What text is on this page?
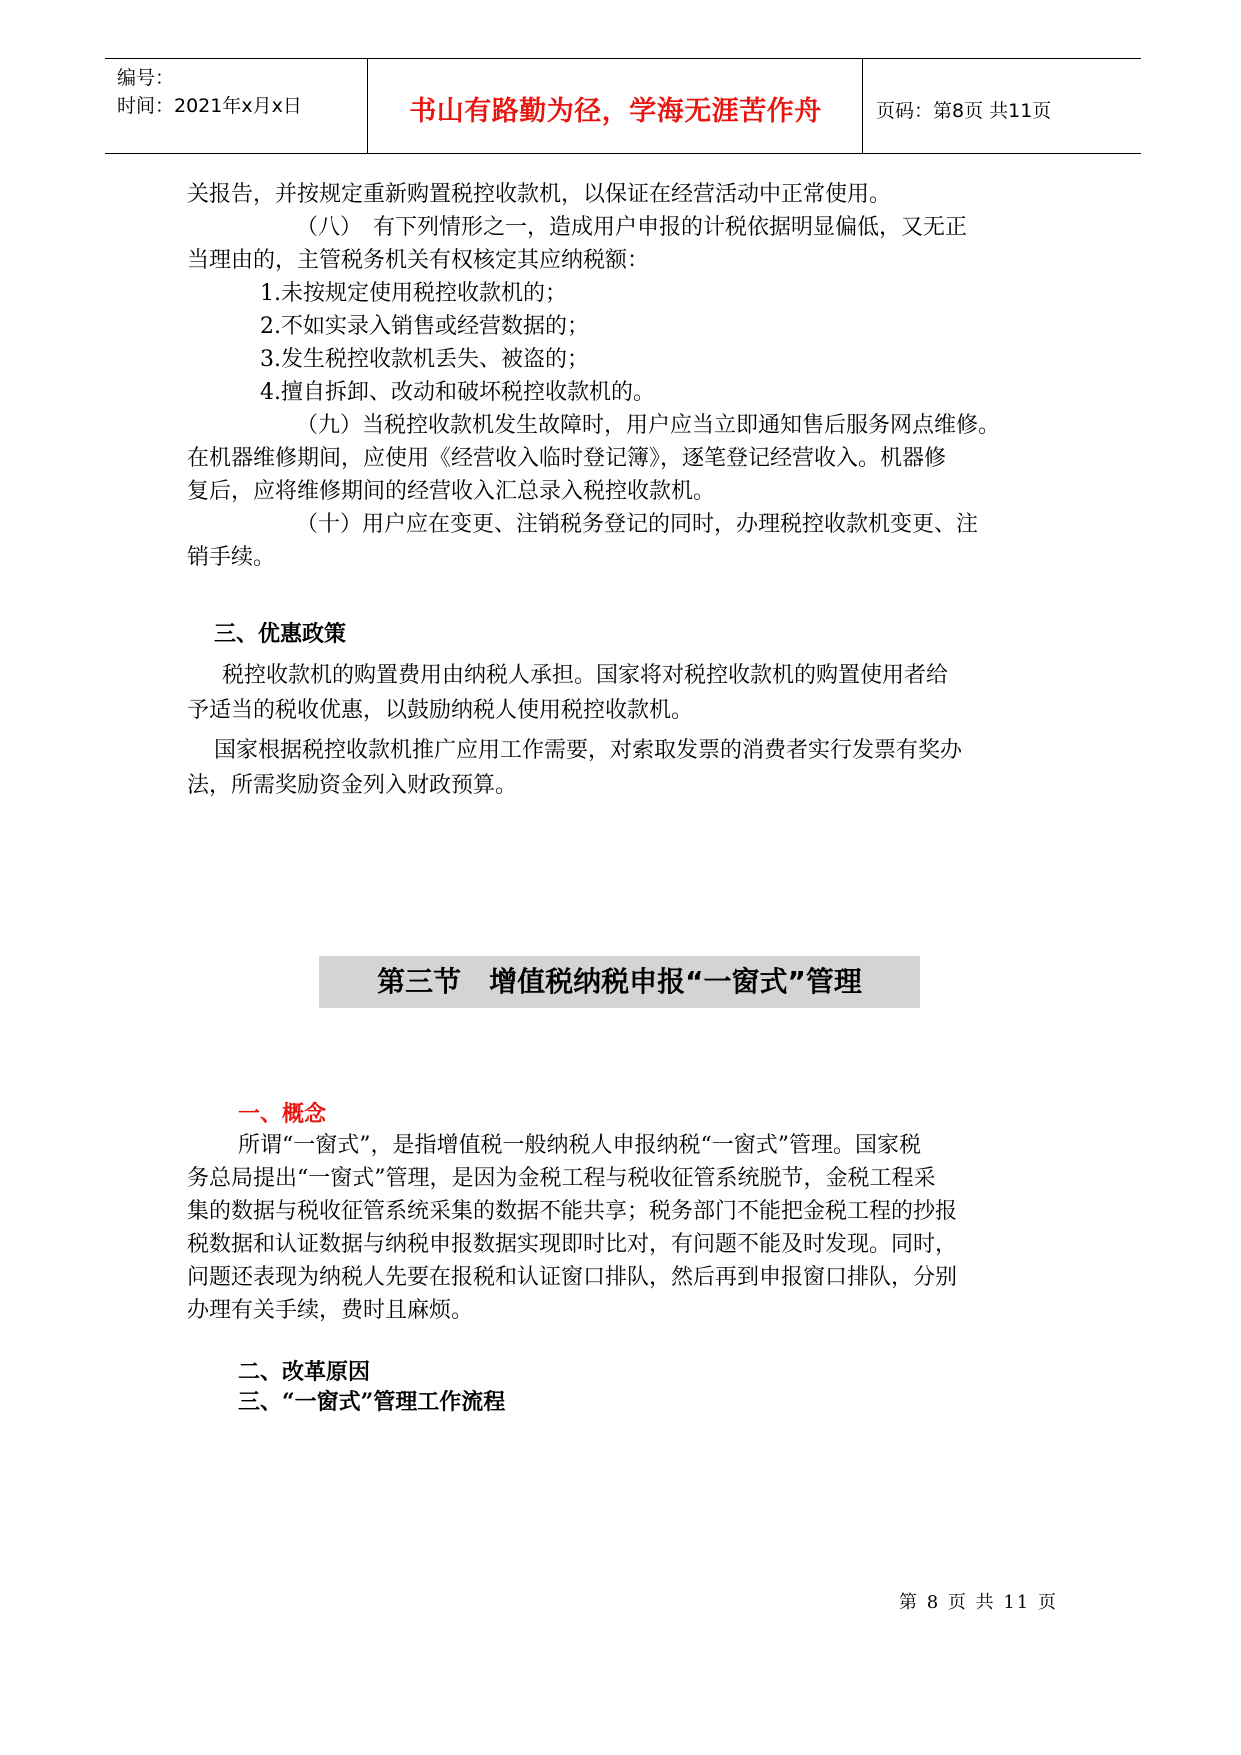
编号：
时间：2021年x月x日	书山有路勤为径，学海无涯苦作舟	页码：第8页 共11页
关报告，并按规定重新购置税控收款机，以保证在经营活动中正常使用。
（八）　有下列情形之一，造成用户申报的计税依据明显偏低，又无正
当理由的，主管税务机关有权核定其应纳税额：
1.未按规定使用税控收款机的；
2.不如实录入销售或经营数据的；
3.发生税控收款机丢失、被盗的；
4.擅自拆卸、改动和破坏税控收款机的。
（九）当税控收款机发生故障时，用户应当立即通知售后服务网点维修。
在机器维修期间，应使用《经营收入临时登记簿》，逐笔登记经营收入。机器修
复后，应将维修期间的经营收入汇总录入税控收款机。
（十）用户应在变更、注销税务登记的同时，办理税控收款机变更、注
销手续。
三、优惠政策
税控收款机的购置费用由纳税人承担。国家将对税控收款机的购置使用者给
予适当的税收优惠，以鼓励纳税人使用税控收款机。
国家根据税控收款机推广应用工作需要，对索取发票的消费者实行发票有奖办
法，所需奖励资金列入财政预算。
第三节　增值税纳税申报“一窗式”管理
一、概念
所谓“一窗式”，是指增值税一般纳税人申报纳税“一窗式”管理。国家税
务总局提出“一窗式”管理，是因为金税工程与税收征管系统脱节，金税工程采
集的数据与税收征管系统采集的数据不能共享；税务部门不能把金税工程的抄报
税数据和认证数据与纳税申报数据实现即时比对，有问题不能及时发现。同时，
问题还表现为纳税人先要在报税和认证窗口排队，然后再到申报窗口排队，分别
办理有关手续，费时且麻烦。
二、改革原因
三、“一窗式”管理工作流程
第 8 页 共 11 页
